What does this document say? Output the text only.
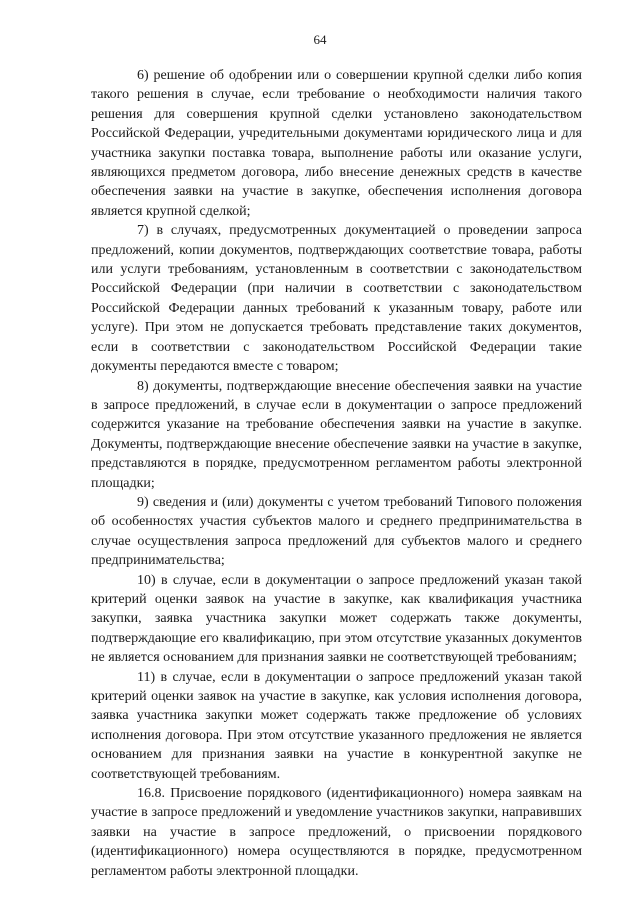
64

6) решение об одобрении или о совершении крупной сделки либо копия такого решения в случае, если требование о необходимости наличия такого решения для совершения крупной сделки установлено законодательством Российской Федерации, учредительными документами юридического лица и для участника закупки поставка товара, выполнение работы или оказание услуги, являющихся предметом договора, либо внесение денежных средств в качестве обеспечения заявки на участие в закупке, обеспечения исполнения договора является крупной сделкой;

7) в случаях, предусмотренных документацией о проведении запроса предложений, копии документов, подтверждающих соответствие товара, работы или услуги требованиям, установленным в соответствии с законодательством Российской Федерации (при наличии в соответствии с законодательством Российской Федерации данных требований к указанным товару, работе или услуге). При этом не допускается требовать представление таких документов, если в соответствии с законодательством Российской Федерации такие документы передаются вместе с товаром;

8) документы, подтверждающие внесение обеспечения заявки на участие в запросе предложений, в случае если в документации о запросе предложений содержится указание на требование обеспечения заявки на участие в закупке. Документы, подтверждающие внесение обеспечение заявки на участие в закупке, представляются в порядке, предусмотренном регламентом работы электронной площадки;

9) сведения и (или) документы с учетом требований Типового положения об особенностях участия субъектов малого и среднего предпринимательства в случае осуществления запроса предложений для субъектов малого и среднего предпринимательства;

10) в случае, если в документации о запросе предложений указан такой критерий оценки заявок на участие в закупке, как квалификация участника закупки, заявка участника закупки может содержать также документы, подтверждающие его квалификацию, при этом отсутствие указанных документов не является основанием для признания заявки не соответствующей требованиям;

11) в случае, если в документации о запросе предложений указан такой критерий оценки заявок на участие в закупке, как условия исполнения договора, заявка участника закупки может содержать также предложение об условиях исполнения договора. При этом отсутствие указанного предложения не является основанием для признания заявки на участие в конкурентной закупке не соответствующей требованиям.

16.8. Присвоение порядкового (идентификационного) номера заявкам на участие в запросе предложений и уведомление участников закупки, направивших заявки на участие в запросе предложений, о присвоении порядкового (идентификационного) номера осуществляются в порядке, предусмотренном регламентом работы электронной площадки.
